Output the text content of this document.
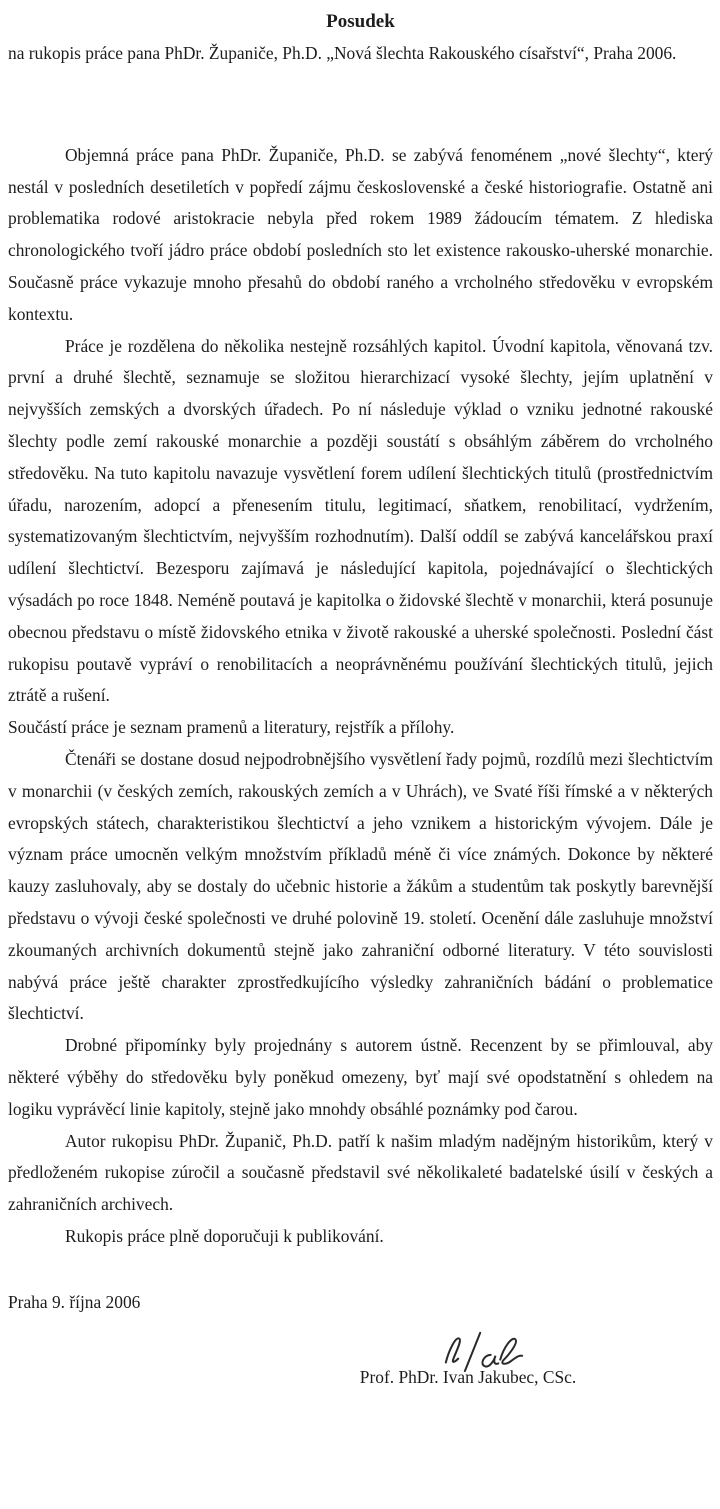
Posudek

na rukopis práce pana PhDr. Županiče, Ph.D. „Nová šlechta Rakouského císařství“, Praha 2006.

Objemná práce pana PhDr. Županiče, Ph.D. se zabývá fenoménem „nové šlechty“, který nestál v posledních desetiletích v popředí zájmu československé a české historiografie. Ostatně ani problematika rodové aristokracie nebyla před rokem 1989 žádoucím tématem. Z hlediska chronologického tvoří jádro práce období posledních sto let existence rakousko-uherské monarchie. Současně práce vykazuje mnoho přesahů do období raného a vrcholného středověku v evropském kontextu.

Práce je rozdělena do několika nestejně rozsáhlých kapitol. Úvodní kapitola, věnovaná tzv. první a druhé šlechtě, seznamuje se složitou hierarchizací vysoké šlechty, jejím uplatnění v nejvyšších zemských a dvorských úřadech. Po ní následuje výklad o vzniku jednotné rakouské šlechty podle zemí rakouské monarchie a později soustátí s obsáhlým záběrem do vrcholného středověku. Na tuto kapitolu navazuje vysvětlení forem udílení šlechtických titulů (prostřednictvím úřadu, narozením, adopcí a přenesením titulu, legitimací, sňatkem, renobilitací, vydržením, systematizovaným šlechtictvím, nejvyšším rozhodnutím). Další oddíl se zabývá kancelářskou praxí udílení šlechtictví. Bezesporu zajímavá je následující kapitola, pojednávající o šlechtických výsadách po roce 1848. Neméně poutavá je kapitolka o židovské šlechtě v monarchii, která posunuje obecnou představu o místě židovského etnika v životě rakouské a uherské společnosti. Poslední část rukopisu poutavě vypráví o renobilitacích a neoprávněnému používání šlechtických titulů, jejich ztrátě a rušení.

Součástí práce je seznam pramenů a literatury, rejstřík a přílohy.

Čtenáři se dostane dosud nejpodrobnějšího vysvětlení řady pojmů, rozdílů mezi šlechtictvím v monarchii (v českých zemích, rakouských zemích a v Uhrách), ve Svaté říši římské a v některých evropských státech, charakteristikou šlechtictví a jeho vznikem a historickým vývojem. Dále je význam práce umocněn velkým množstvím příkladů méně či více známých. Dokonce by některé kauzy zasluhovaly, aby se dostaly do učebnic historie a žákům a studentům tak poskytly barevnější představu o vývoji české společnosti ve druhé polovině 19. století. Ocenění dále zasluhuje množství zkoumaných archivních dokumentů stejně jako zahraniční odborné literatury. V této souvislosti nabývá práce ještě charakter zprostředkujícího výsledky zahraničních bádání o problematice šlechtictví.

Drobné připomínky byly projednány s autorem ústně. Recenzent by se přimlouval, aby některé výběhy do středověku byly poněkud omezeny, byť mají své opodstatnění s ohledem na logiku vyprávěcí linie kapitoly, stejně jako mnohdy obsáhlé poznámky pod čarou.

Autor rukopisu PhDr. Županič, Ph.D. patří k našim mladým nadějným historikům, který v předloženém rukopise zúročil a současně představil své několikaleté badatelské úsilí v českých a zahraničních archivech.

Rukopis práce plně doporučuji k publikování.

Praha 9. října 2006

Prof. PhDr. Ivan Jakubec, CSc.
